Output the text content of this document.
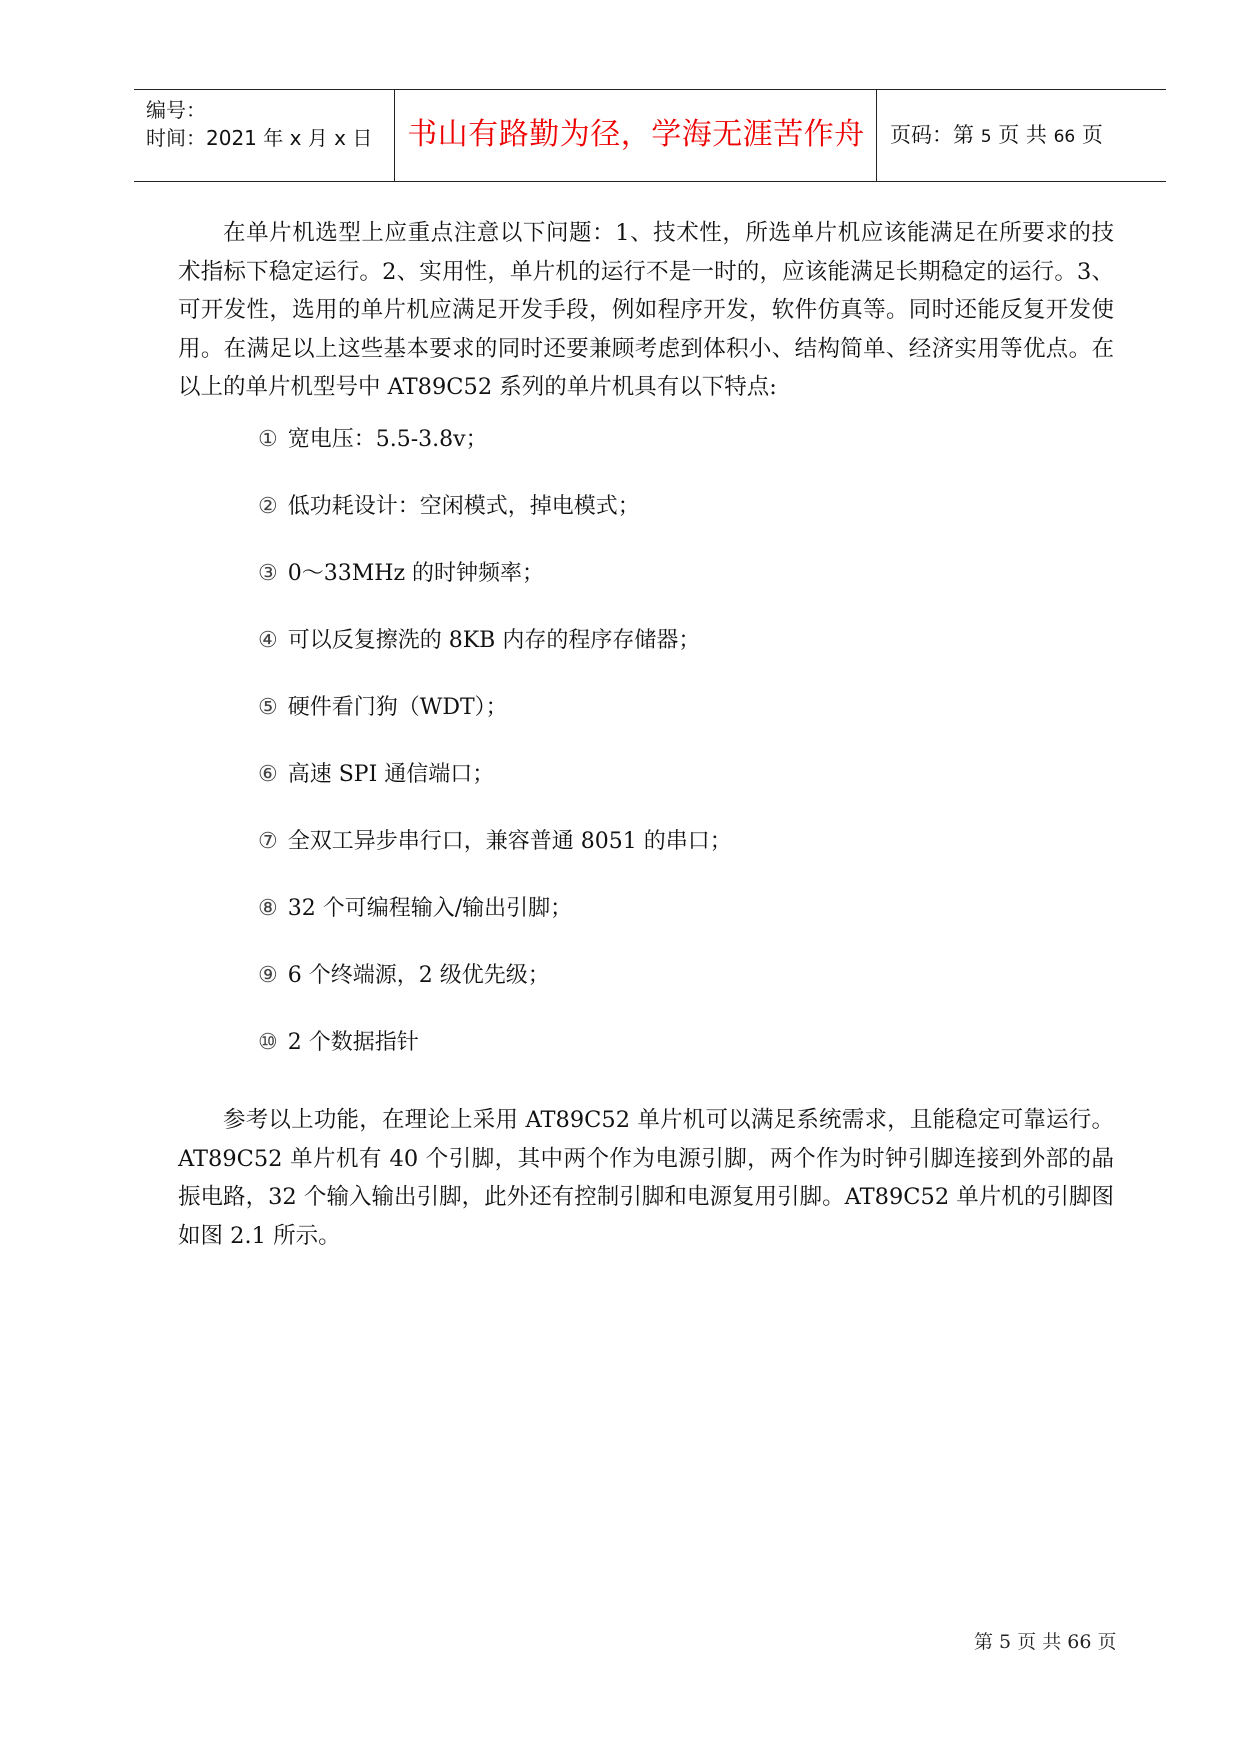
编号：
时间：2021 年 x 月 x 日	书山有路勤为径，学海无涯苦作舟	页码：第 5 页 共 66 页

在单片机选型上应重点注意以下问题：1、技术性，所选单片机应该能满足在所要求的技术指标下稳定运行。2、实用性，单片机的运行不是一时的，应该能满足长期稳定的运行。3、可开发性，选用的单片机应满足开发手段，例如程序开发，软件仿真等。同时还能反复开发使用。在满足以上这些基本要求的同时还要兼顾考虑到体积小、结构简单、经济实用等优点。在以上的单片机型号中 AT89C52 系列的单片机具有以下特点:

① 宽电压：5.5-3.8v；
② 低功耗设计：空闲模式，掉电模式；
③ 0～33MHz 的时钟频率；
④ 可以反复擦洗的 8KB 内存的程序存储器；
⑤ 硬件看门狗（WDT）；
⑥ 高速 SPI 通信端口；
⑦ 全双工异步串行口，兼容普通 8051 的串口；
⑧ 32 个可编程输入/输出引脚；
⑨ 6 个终端源，2 级优先级；
⑩ 2 个数据指针

参考以上功能，在理论上采用 AT89C52 单片机可以满足系统需求，且能稳定可靠运行。AT89C52 单片机有 40 个引脚，其中两个作为电源引脚，两个作为时钟引脚连接到外部的晶振电路，32 个输入输出引脚，此外还有控制引脚和电源复用引脚。AT89C52 单片机的引脚图如图 2.1 所示。

第 5 页 共 66 页
